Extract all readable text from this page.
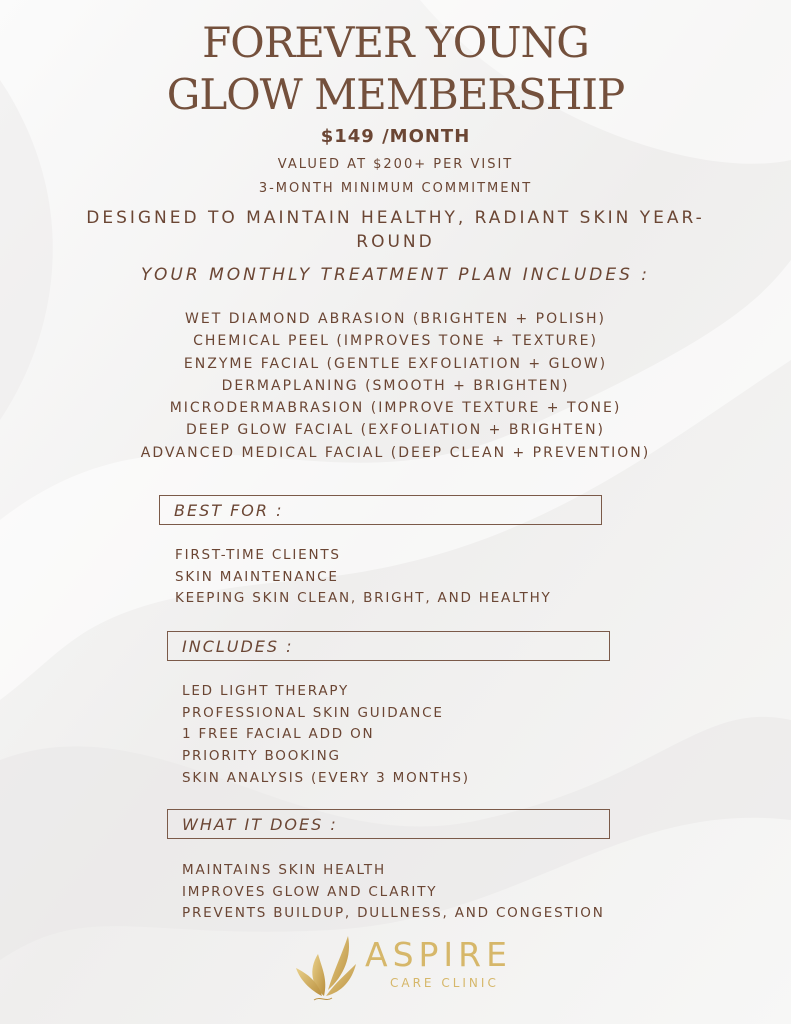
FOREVER YOUNG
GLOW MEMBERSHIP
$149 /MONTH
VALUED AT $200+ PER VISIT
3-MONTH MINIMUM COMMITMENT
DESIGNED TO MAINTAIN HEALTHY, RADIANT SKIN YEAR-ROUND
YOUR MONTHLY TREATMENT PLAN INCLUDES :
WET DIAMOND ABRASION (BRIGHTEN + POLISH)
CHEMICAL PEEL (IMPROVES TONE + TEXTURE)
ENZYME FACIAL (GENTLE EXFOLIATION + GLOW)
DERMAPLANING (SMOOTH + BRIGHTEN)
MICRODERMABRASION (IMPROVE TEXTURE + TONE)
DEEP GLOW FACIAL (EXFOLIATION + BRIGHTEN)
ADVANCED MEDICAL FACIAL (DEEP CLEAN + PREVENTION)
BEST FOR :
FIRST-TIME CLIENTS
SKIN MAINTENANCE
KEEPING SKIN CLEAN, BRIGHT, AND HEALTHY
INCLUDES :
LED LIGHT THERAPY
PROFESSIONAL SKIN GUIDANCE
1 FREE FACIAL ADD ON
PRIORITY BOOKING
SKIN ANALYSIS (EVERY 3 MONTHS)
WHAT IT DOES :
MAINTAINS SKIN HEALTH
IMPROVES GLOW AND CLARITY
PREVENTS BUILDUP, DULLNESS, AND CONGESTION
ASPIRE
CARE CLINIC
